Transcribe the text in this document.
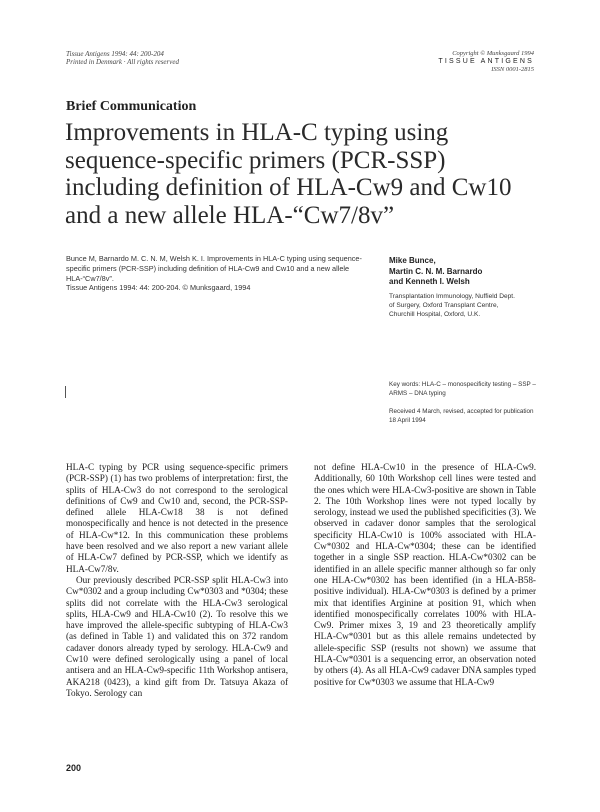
Tissue Antigens 1994: 44: 200-204
Printed in Denmark · All rights reserved
Copyright © Munksgaard 1994
TISSUE ANTIGENS
ISSN 0001-2815
Brief Communication
Improvements in HLA-C typing using
sequence-specific primers (PCR-SSP)
including definition of HLA-Cw9 and Cw10
and a new allele HLA-“Cw7/8v”
Bunce M, Barnardo M. C. N. M, Welsh K. I. Improvements in HLA-C typing using sequence-specific primers (PCR-SSP) including definition of HLA-Cw9 and Cw10 and a new allele HLA-“Cw7/8v”.
Tissue Antigens 1994: 44: 200-204. © Munksgaard, 1994
Mike Bunce,
Martin C. N. M. Barnardo
and Kenneth I. Welsh
Transplantation Immunology, Nuffield Dept.
of Surgery, Oxford Transplant Centre,
Churchill Hospital, Oxford, U.K.
Key words: HLA-C – monospecificity testing – SSP – ARMS – DNA typing
Received 4 March, revised, accepted for publication 18 April 1994

HLA-C typing by PCR using sequence-specific primers (PCR-SSP) (1) has two problems of interpretation: first, the splits of HLA-Cw3 do not correspond to the serological definitions of Cw9 and Cw10 and, second, the PCR-SSP-defined allele HLA-Cw18 38 is not defined monospecifically and hence is not detected in the presence of HLA-Cw*12. In this communication these problems have been resolved and we also report a new variant allele of HLA-Cw7 defined by PCR-SSP, which we identify as HLA-Cw7/8v.

Our previously described PCR-SSP split HLA-Cw3 into Cw*0302 and a group including Cw*0303 and *0304; these splits did not correlate with the HLA-Cw3 serological splits, HLA-Cw9 and HLA-Cw10 (2). To resolve this we have improved the allele-specific subtyping of HLA-Cw3 (as defined in Table 1) and validated this on 372 random cadaver donors already typed by serology. HLA-Cw9 and Cw10 were defined serologically using a panel of local antisera and an HLA-Cw9-specific 11th Workshop antisera, AKA218 (0423), a kind gift from Dr. Tatsuya Akaza of Tokyo. Serology can

not define HLA-Cw10 in the presence of HLA-Cw9. Additionally, 60 10th Workshop cell lines were tested and the ones which were HLA-Cw3-positive are shown in Table 2. The 10th Workshop lines were not typed locally by serology, instead we used the published specificities (3). We observed in cadaver donor samples that the serological specificity HLA-Cw10 is 100% associated with HLA-Cw*0302 and HLA-Cw*0304; these can be identified together in a single SSP reaction. HLA-Cw*0302 can be identified in an allele specific manner although so far only one HLA-Cw*0302 has been identified (in a HLA-B58-positive individual). HLA-Cw*0303 is defined by a primer mix that identifies Arginine at position 91, which when identified monospecifically correlates 100% with HLA-Cw9. Primer mixes 3, 19 and 23 theoretically amplify HLA-Cw*0301 but as this allele remains undetected by allele-specific SSP (results not shown) we assume that HLA-Cw*0301 is a sequencing error, an observation noted by others (4). As all HLA-Cw9 cadaver DNA samples typed positive for Cw*0303 we assume that HLA-Cw9

200
